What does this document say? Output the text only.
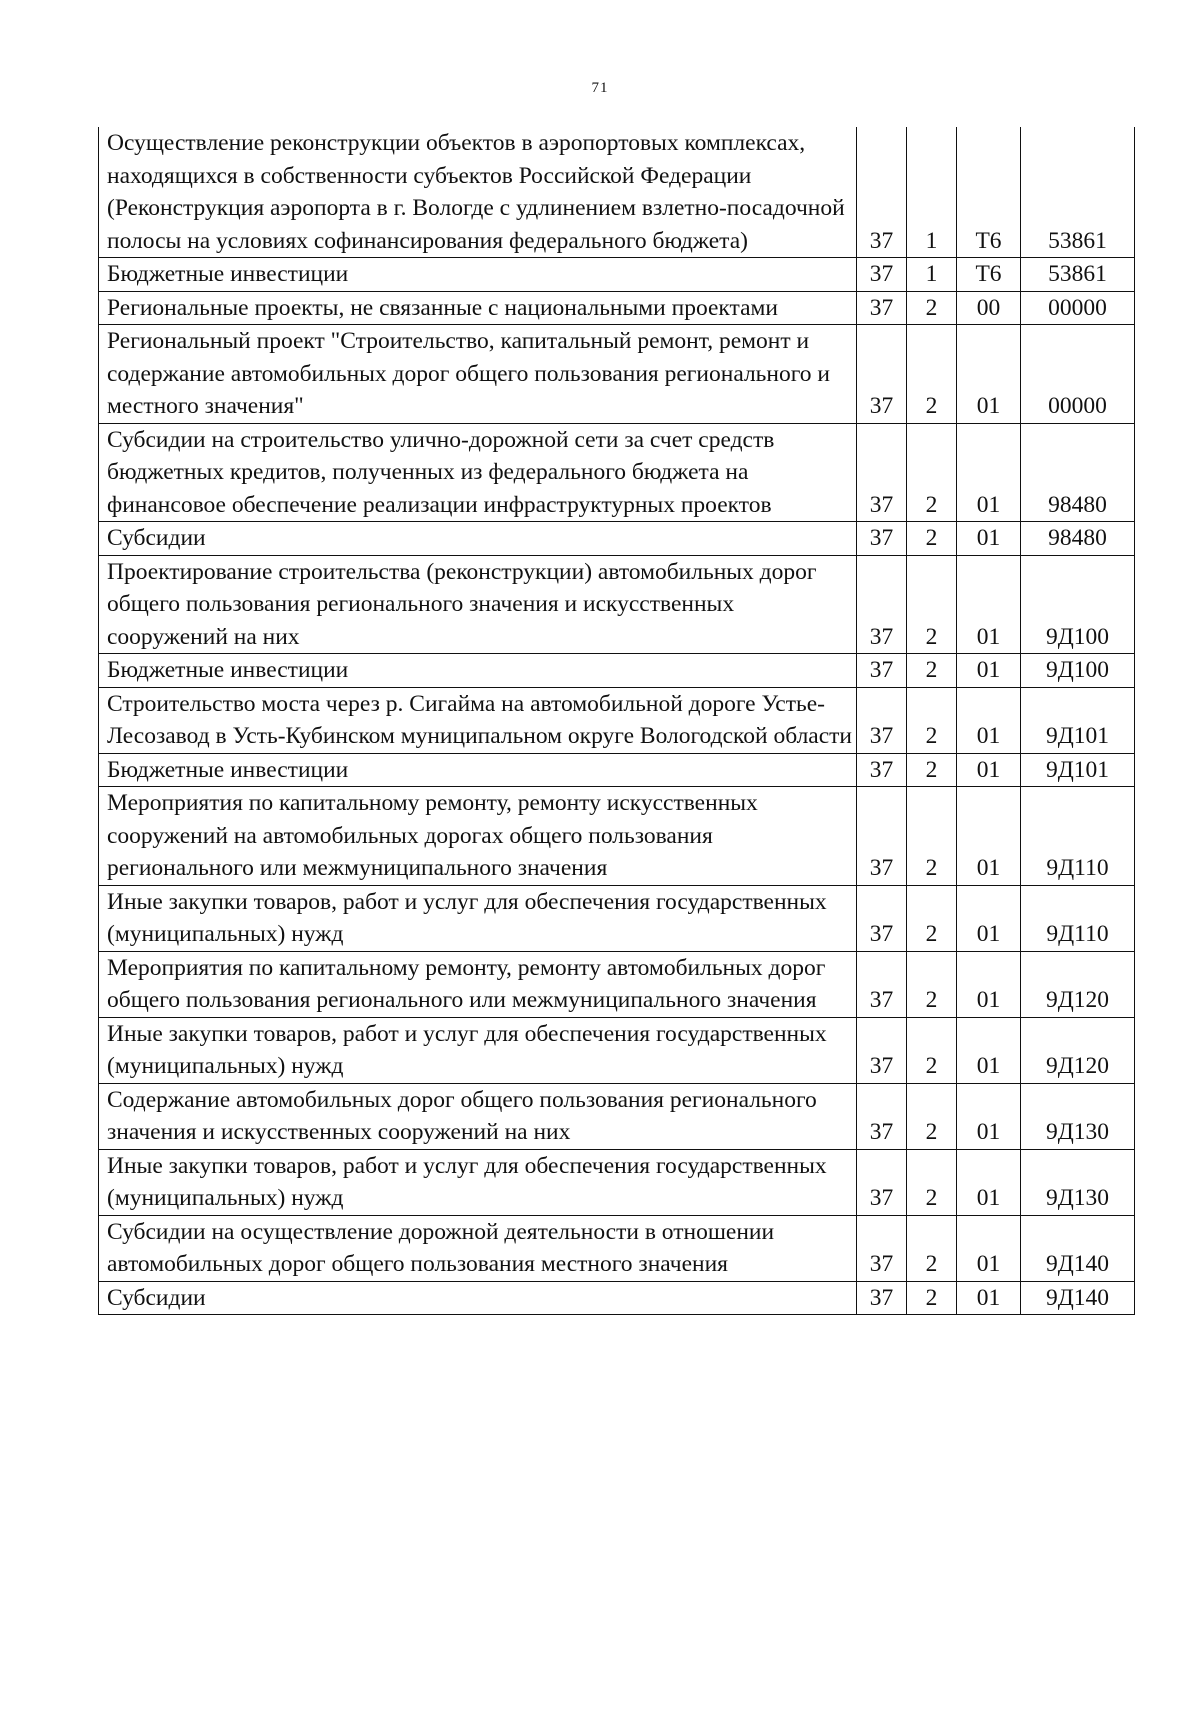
71
Осуществление реконструкции объектов в аэропортовых комплексах, находящихся в собственности субъектов Российской Федерации (Реконструкция аэропорта в г. Вологде с удлинением взлетно-посадочной полосы на условиях софинансирования федерального бюджета)	37	1	Т6	53861
Бюджетные инвестиции	37	1	Т6	53861
Региональные проекты, не связанные с национальными проектами	37	2	00	00000
Региональный проект "Строительство, капитальный ремонт, ремонт и содержание автомобильных дорог общего пользования регионального и местного значения"	37	2	01	00000
Субсидии на строительство улично-дорожной сети за счет средств бюджетных кредитов, полученных из федерального бюджета на финансовое обеспечение реализации инфраструктурных проектов	37	2	01	98480
Субсидии	37	2	01	98480
Проектирование строительства (реконструкции) автомобильных дорог общего пользования регионального значения и искусственных сооружений на них	37	2	01	9Д100
Бюджетные инвестиции	37	2	01	9Д100
Строительство моста через р. Сигайма на автомобильной дороге Устье-Лесозавод в Усть-Кубинском муниципальном округе Вологодской области	37	2	01	9Д101
Бюджетные инвестиции	37	2	01	9Д101
Мероприятия по капитальному ремонту, ремонту искусственных сооружений на автомобильных дорогах общего пользования регионального или межмуниципального значения	37	2	01	9Д110
Иные закупки товаров, работ и услуг для обеспечения государственных (муниципальных) нужд	37	2	01	9Д110
Мероприятия по капитальному ремонту, ремонту автомобильных дорог общего пользования регионального или межмуниципального значения	37	2	01	9Д120
Иные закупки товаров, работ и услуг для обеспечения государственных (муниципальных) нужд	37	2	01	9Д120
Содержание автомобильных дорог общего пользования регионального значения и искусственных сооружений на них	37	2	01	9Д130
Иные закупки товаров, работ и услуг для обеспечения государственных (муниципальных) нужд	37	2	01	9Д130
Субсидии на осуществление дорожной деятельности в отношении автомобильных дорог общего пользования местного значения	37	2	01	9Д140
Субсидии	37	2	01	9Д140
